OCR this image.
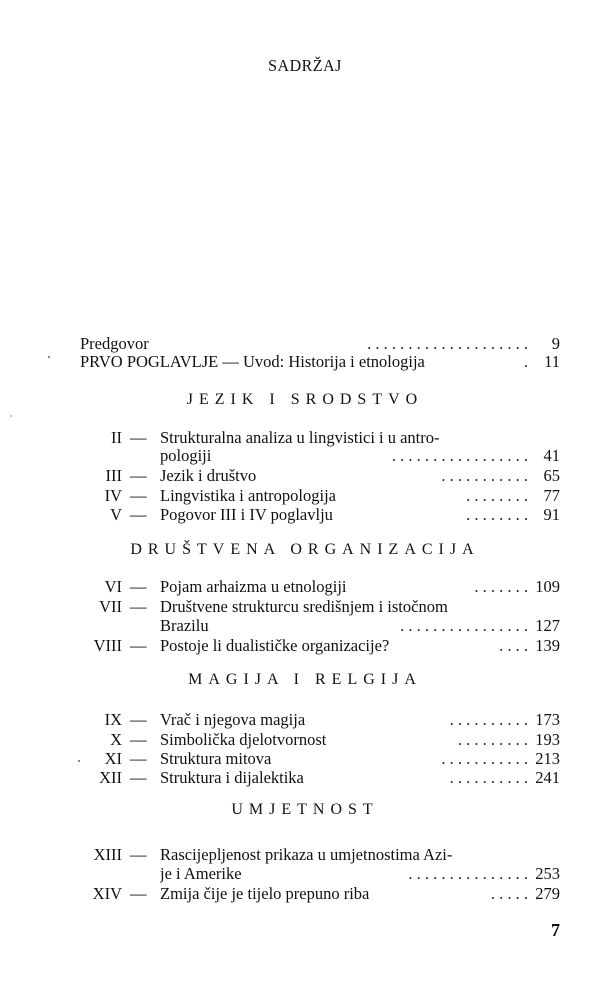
SADRŽAJ
Predgovor	. . . . . . . . . . . . . . . . . . . . 9
PRVO POGLAVLJE — Uvod: Historija i etnologija	. 11
JEZIK I SRODSTVO
II — Strukturalna analiza u lingvistici i u antro-
pologiji	. . . . . . . . . . . . . . . . . 41
III — Jezik i društvo	. . . . . . . . . . . 65
IV — Lingvistika i antropologija	. . . . . . . . 77
V — Pogovor III i IV poglavlju	. . . . . . . . 91
DRUŠTVENA ORGANIZACIJA
VI — Pojam arhaizma u etnologiji	. . . . . . . 109
VII — Društvene strukturcu središnjem i istočnom
Brazilu	. . . . . . . . . . . . . . . . 127
VIII — Postoje li dualističke organizacije?	. . . . 139
MAGIJA I RELGIJA
IX — Vrač i njegova magija	. . . . . . . . . . 173
X — Simbolička djelotvornost	. . . . . . . . . 193
XI — Struktura mitova	. . . . . . . . . . . 213
XII — Struktura i dijalektika	. . . . . . . . . . 241
UMJETNOST
XIII — Rascijepljenost prikaza u umjetnostima Azi-
je i Amerike	. . . . . . . . . . . . . . . 253
XIV — Zmija čije je tijelo prepuno riba	. . . . . 279
7
